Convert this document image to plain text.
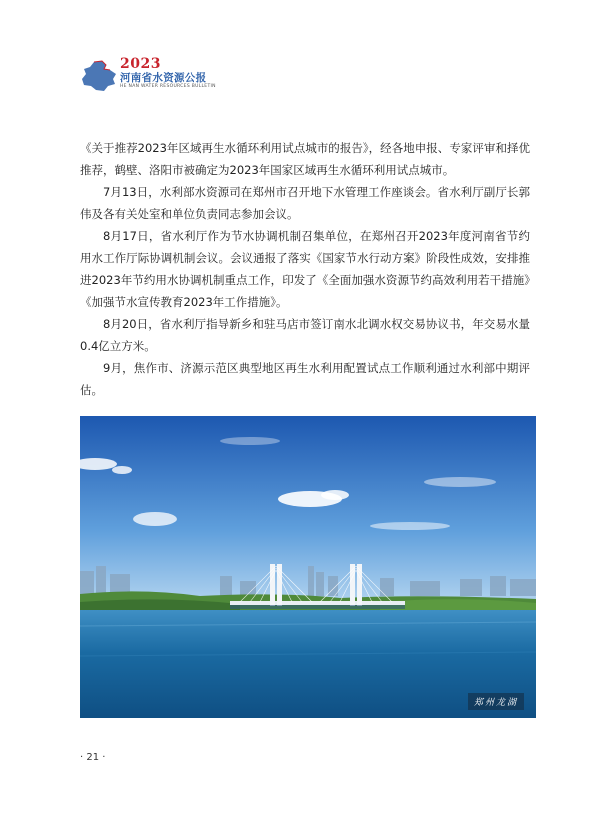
2023
河南省水资源公报
HE NAN WATER RESOURCES BULLETIN

《关于推荐2023年区域再生水循环利用试点城市的报告》，经各地申报、专家评审和择优推荐，鹤壁、洛阳市被确定为2023年国家区域再生水循环利用试点城市。

7月13日，水利部水资源司在郑州市召开地下水管理工作座谈会。省水利厅副厅长郭伟及各有关处室和单位负责同志参加会议。

8月17日，省水利厅作为节水协调机制召集单位，在郑州召开2023年度河南省节约用水工作厅际协调机制会议。会议通报了落实《国家节水行动方案》阶段性成效，安排推进2023年节约用水协调机制重点工作，印发了《全面加强水资源节约高效利用若干措施》《加强节水宣传教育2023年工作措施》。

8月20日，省水利厅指导新乡和驻马店市签订南水北调水权交易协议书，年交易水量0.4亿立方米。

9月，焦作市、济源示范区典型地区再生水利用配置试点工作顺利通过水利部中期评估。

郑州龙湖
· 21 ·
